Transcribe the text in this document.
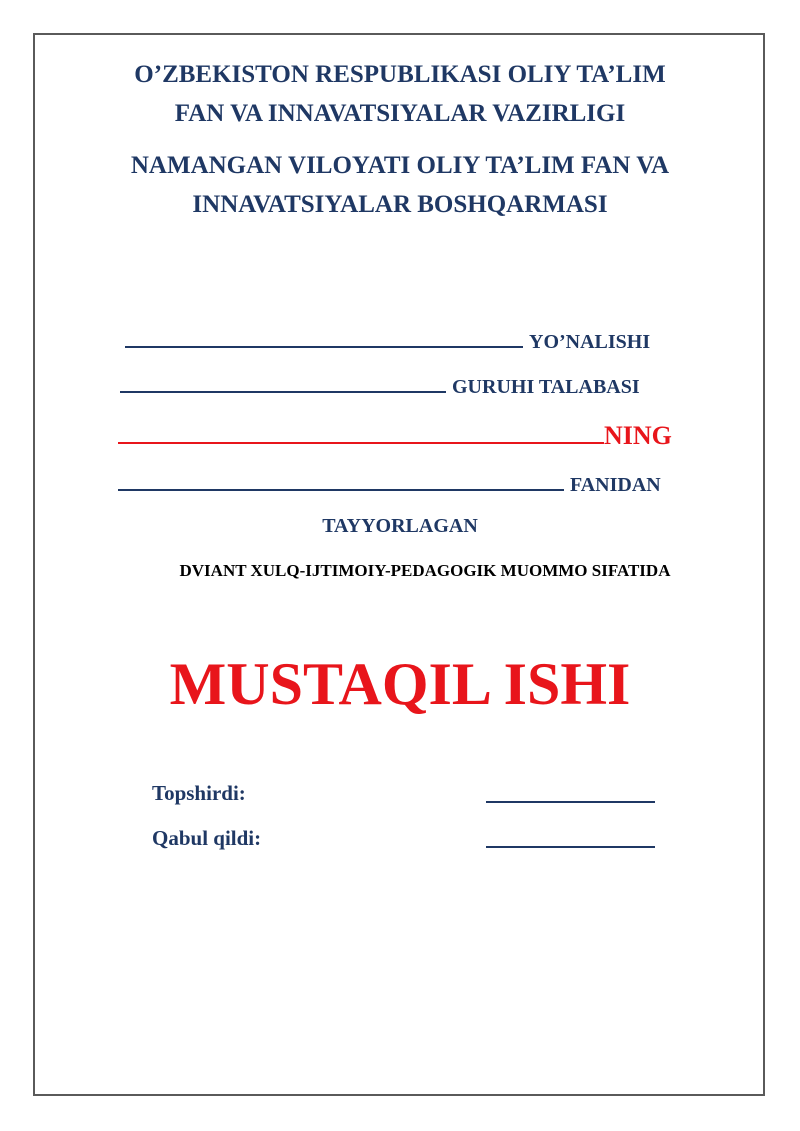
O’ZBEKISTON RESPUBLIKASI OLIY TA’LIM
FAN VA INNAVATSIYALAR VAZIRLIGI
NAMANGAN VILOYATI OLIY TA’LIM FAN VA
INNAVATSIYALAR BOSHQARMASI
YO’NALISHI
GURUHI TALABASI
NING
FANIDAN
TAYYORLAGAN
DVIANT XULQ-IJTIMOIY-PEDAGOGIK MUOMMO SIFATIDA
MUSTAQIL ISHI
Topshirdi:
Qabul qildi:
